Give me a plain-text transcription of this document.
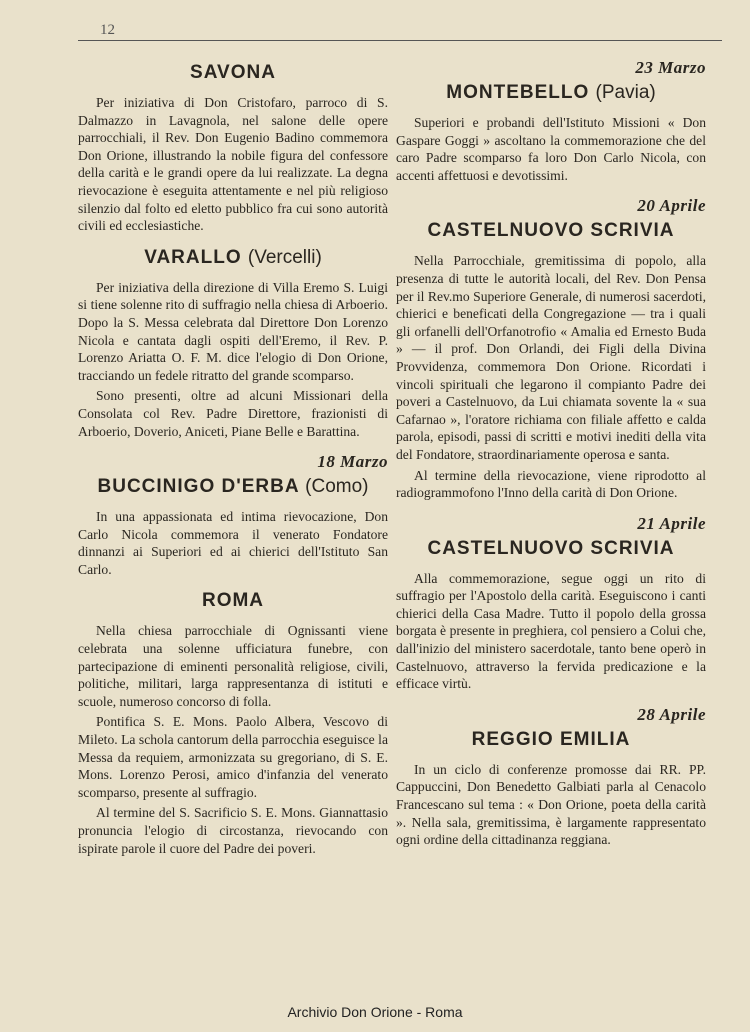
12
SAVONA

Per iniziativa di Don Cristofaro, parroco di S. Dalmazzo in Lavagnola, nel salone delle opere parrocchiali, il Rev. Don Eugenio Badino commemora Don Orione, illustrando la nobile figura del confessore della carità e le grandi opere da lui realizzate. La degna rievocazione è eseguita attentamente e nel più religioso silenzio dal folto ed eletto pubblico fra cui sono autorità civili ed ecclesiastiche.

VARALLO (Vercelli)

Per iniziativa della direzione di Villa Eremo S. Luigi si tiene solenne rito di suffragio nella chiesa di Arboerio. Dopo la S. Messa celebrata dal Direttore Don Lorenzo Nicola e cantata dagli ospiti dell'Eremo, il Rev. P. Lorenzo Ariatta O. F. M. dice l'elogio di Don Orione, tracciando un fedele ritratto del grande scomparso.

Sono presenti, oltre ad alcuni Missionari della Consolata col Rev. Padre Direttore, frazionisti di Arboerio, Doverio, Aniceti, Piane Belle e Barattina.

18 Marzo
BUCCINIGO D'ERBA (Como)

In una appassionata ed intima rievocazione, Don Carlo Nicola commemora il venerato Fondatore dinnanzi ai Superiori ed ai chierici dell'Istituto San Carlo.

ROMA

Nella chiesa parrocchiale di Ognissanti viene celebrata una solenne ufficiatura funebre, con partecipazione di eminenti personalità religiose, civili, politiche, militari, larga rappresentanza di istituti e scuole, numeroso concorso di folla.

Pontifica S. E. Mons. Paolo Albera, Vescovo di Mileto. La schola cantorum della parrocchia eseguisce la Messa da requiem, armonizzata su gregoriano, di S. E. Mons. Lorenzo Perosi, amico d'infanzia del venerato scomparso, presente al suffragio.

Al termine del S. Sacrificio S. E. Mons. Giannattasio pronuncia l'elogio di circostanza, rievocando con ispirate parole il cuore del Padre dei poveri.

23 Marzo
MONTEBELLO (Pavia)

Superiori e probandi dell'Istituto Missioni « Don Gaspare Goggi » ascoltano la commemorazione che del caro Padre scomparso fa loro Don Carlo Nicola, con accenti affettuosi e devotissimi.

20 Aprile
CASTELNUOVO SCRIVIA

Nella Parrocchiale, gremitissima di popolo, alla presenza di tutte le autorità locali, del Rev. Don Pensa per il Rev.mo Superiore Generale, di numerosi sacerdoti, chierici e beneficati della Congregazione — tra i quali gli orfanelli dell'Orfanotrofio « Amalia ed Ernesto Buda » — il prof. Don Orlandi, dei Figli della Divina Provvidenza, commemora Don Orione. Ricordati i vincoli spirituali che legarono il compianto Padre dei poveri a Castelnuovo, da Lui chiamata sovente la « sua Cafarnao », l'oratore richiama con filiale affetto e calda parola, episodi, passi di scritti e motivi inediti della vita del Fondatore, straordinariamente operosa e santa.

Al termine della rievocazione, viene riprodotto al radiogrammofono l'Inno della carità di Don Orione.

21 Aprile
CASTELNUOVO SCRIVIA

Alla commemorazione, segue oggi un rito di suffragio per l'Apostolo della carità. Eseguiscono i canti chierici della Casa Madre. Tutto il popolo della grossa borgata è presente in preghiera, col pensiero a Colui che, dall'inizio del ministero sacerdotale, tanto bene operò in Castelnuovo, attraverso la fervida predicazione e la efficace virtù.

28 Aprile
REGGIO EMILIA

In un ciclo di conferenze promosse dai RR. PP. Cappuccini, Don Benedetto Galbiati parla al Cenacolo Francescano sul tema : « Don Orione, poeta della carità ». Nella sala, gremitissima, è largamente rappresentato ogni ordine della cittadinanza reggiana.

Archivio Don Orione - Roma
